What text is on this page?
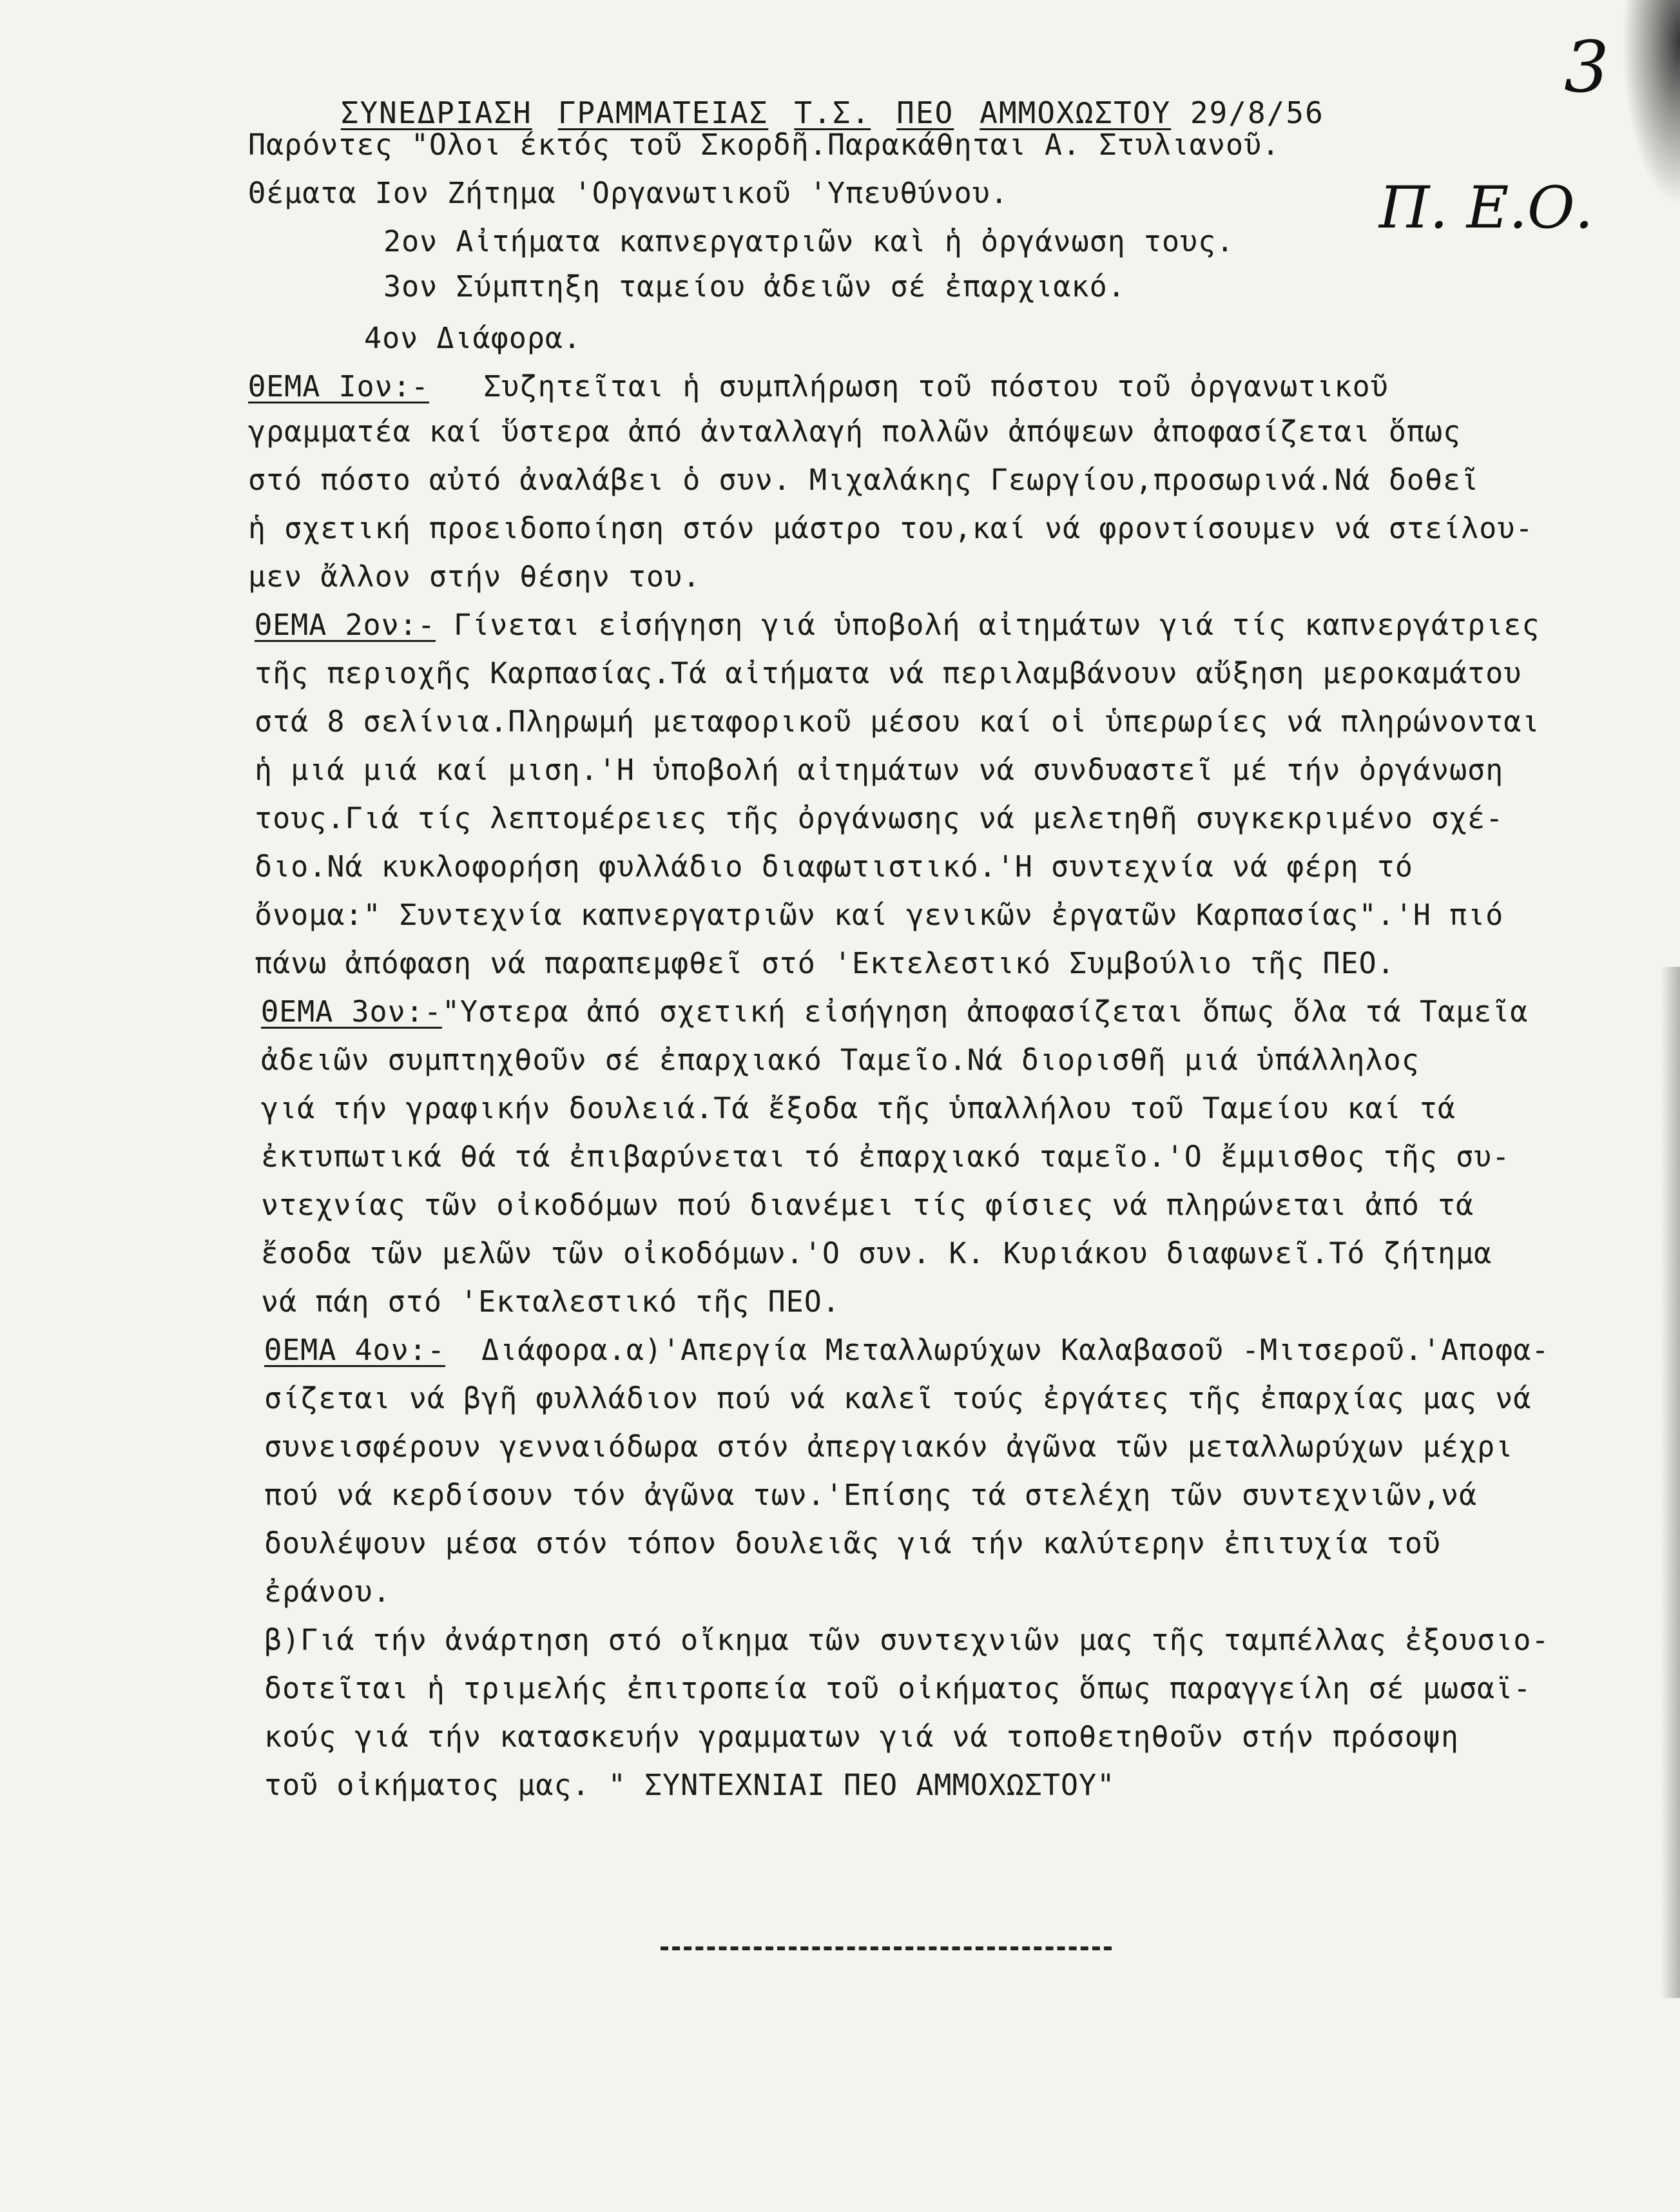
3
Π. Ε.Ο.

ΣΥΝΕΔΡΙΑΣΗ ΓΡΑΜΜΑΤΕΙΑΣ Τ.Σ. ΠΕΟ ΑΜΜΟΧΩΣΤΟΥ 29/8/56

Παρόντες "Ολοι έκτός τοῦ Σκορδῆ.Παρακάθηται Α. Στυλιανοῦ.
Θέματα Ιον Ζήτημα 'Οργανωτικοῦ 'Υπευθύνου.
2ον Αἰτήματα καπνεργατριῶν καὶ ἡ ὀργάνωση τους.
3ον Σύμπτηξη ταμείου ἀδειῶν σέ ἐπαρχιακό.
4ον Διάφορα.
ΘΕΜΑ Ιον:- Συζητεῖται ἡ συμπλήρωση τοῦ πόστου τοῦ ὀργανωτικοῦ
γραμματέα καί ὕστερα ἀπό ἀνταλλαγή πολλῶν ἀπόψεων ἀποφασίζεται ὅπως
στό πόστο αὐτό ἀναλάβει ὁ συν. Μιχαλάκης Γεωργίου,προσωρινά.Νά δοθεῖ
ἡ σχετική προειδοποίηση στόν μάστρο του,καί νά φροντίσουμεν νά στείλου-
μεν ἄλλον στήν θέσην του.
ΘΕΜΑ 2ον:- Γίνεται εἰσήγηση γιά ὑποβολή αἰτημάτων γιά τίς καπνεργάτριες
τῆς περιοχῆς Καρπασίας.Τά αἰτήματα νά περιλαμβάνουν αὔξηση μεροκαμάτου
στά 8 σελίνια.Πληρωμή μεταφορικοῦ μέσου καί οἱ ὑπερωρίες νά πληρώνονται
ἡ μιά μιά καί μιση.'Η ὑποβολή αἰτημάτων νά συνδυαστεῖ μέ τήν ὀργάνωση
τους.Γιά τίς λεπτομέρειες τῆς ὀργάνωσης νά μελετηθῆ συγκεκριμένο σχέ-
διο.Νά κυκλοφορήση φυλλάδιο διαφωτιστικό.'Η συντεχνία νά φέρη τό
ὄνομα:" Συντεχνία καπνεργατριῶν καί γενικῶν ἐργατῶν Καρπασίας".'Η πιό
πάνω ἀπόφαση νά παραπεμφθεῖ στό 'Εκτελεστικό Συμβούλιο τῆς ΠΕΟ.
ΘΕΜΑ 3ον:-"Υστερα ἀπό σχετική εἰσήγηση ἀποφασίζεται ὅπως ὅλα τά Ταμεῖα
ἀδειῶν συμπτηχθοῦν σέ ἐπαρχιακό Ταμεῖο.Νά διορισθῆ μιά ὑπάλληλος
γιά τήν γραφικήν δουλειά.Τά ἔξοδα τῆς ὑπαλλήλου τοῦ Ταμείου καί τά
ἐκτυπωτικά θά τά ἐπιβαρύνεται τό ἐπαρχιακό ταμεῖο.'Ο ἔμμισθος τῆς συ-
ντεχνίας τῶν οἰκοδόμων πού διανέμει τίς φίσιες νά πληρώνεται ἀπό τά
ἔσοδα τῶν μελῶν τῶν οἰκοδόμων.'Ο συν. Κ. Κυριάκου διαφωνεῖ.Τό ζήτημα
νά πάη στό 'Εκταλεστικό τῆς ΠΕΟ.
ΘΕΜΑ 4ον:- Διάφορα.α)'Απεργία Μεταλλωρύχων Καλαβασοῦ -Μιτσεροῦ.'Αποφα-
σίζεται νά βγῆ φυλλάδιον πού νά καλεῖ τούς ἐργάτες τῆς ἐπαρχίας μας νά
συνεισφέρουν γενναιόδωρα στόν ἀπεργιακόν ἀγῶνα τῶν μεταλλωρύχων μέχρι
πού νά κερδίσουν τόν ἀγῶνα των.'Επίσης τά στελέχη τῶν συντεχνιῶν,νά
δουλέψουν μέσα στόν τόπον δουλειᾶς γιά τήν καλύτερην ἐπιτυχία τοῦ
ἐράνου.
β)Γιά τήν ἀνάρτηση στό οἴκημα τῶν συντεχνιῶν μας τῆς ταμπέλλας ἐξουσιο-
δοτεῖται ἡ τριμελής ἐπιτροπεία τοῦ οἰκήματος ὅπως παραγγείλη σέ μωσαϊ-
κούς γιά τήν κατασκευήν γραμματων γιά νά τοποθετηθοῦν στήν πρόσοψη
τοῦ οἰκήματος μας. " ΣΥΝΤΕΧΝΙΑΙ ΠΕΟ ΑΜΜΟΧΩΣΤΟΥ"
